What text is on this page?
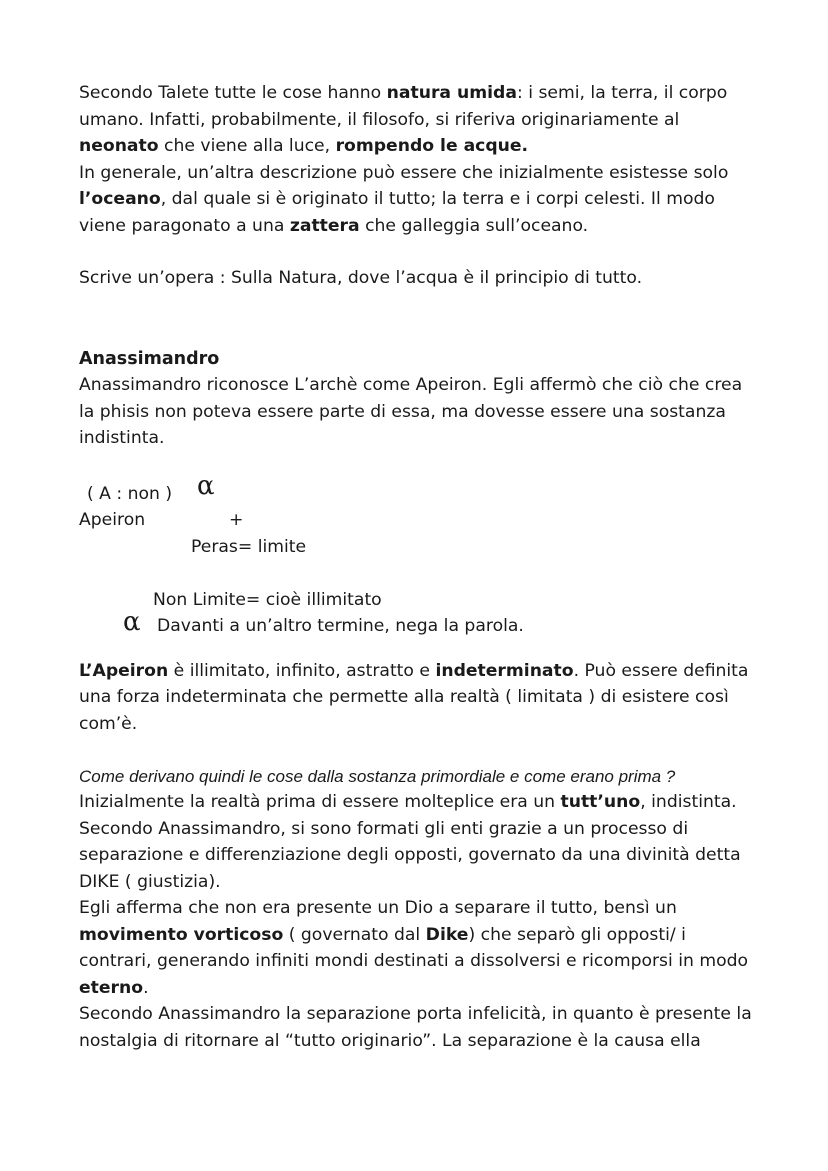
Secondo Talete tutte le cose hanno natura umida: i semi, la terra, il corpo umano. Infatti, probabilmente, il filosofo, si riferiva originariamente al neonato che viene alla luce, rompendo le acque.
In generale, un’altra descrizione può essere che inizialmente esistesse solo l’oceano, dal quale si è originato il tutto; la terra e i corpi celesti. Il modo viene paragonato a una zattera che galleggia sull’oceano.

Scrive un’opera : Sulla Natura, dove l’acqua è il principio di tutto.

Anassimandro

Anassimandro riconosce L’archè come Apeiron. Egli affermò che ciò che crea la phisis non poteva essere parte di essa, ma dovesse essere una sostanza indistinta.

( A : non ) α
Apeiron	+
Peras= limite
Non Limite= cioè illimitato
α Davanti a un’altro termine, nega la parola.

L’Apeiron è illimitato, infinito, astratto e indeterminato. Può essere definita una forza indeterminata che permette alla realtà ( limitata ) di esistere così com’è.

Come derivano quindi le cose dalla sostanza primordiale e come erano prima ?

Inizialmente la realtà prima di essere molteplice era un tutt’uno, indistinta.
Secondo Anassimandro, si sono formati gli enti grazie a un processo di separazione e differenziazione degli opposti, governato da una divinità detta DIKE ( giustizia).
Egli afferma che non era presente un Dio a separare il tutto, bensì un movimento vorticoso ( governato dal Dike) che separò gli opposti/ i contrari, generando infiniti mondi destinati a dissolversi e ricomporsi in modo eterno.
Secondo Anassimandro la separazione porta infelicità, in quanto è presente la nostalgia di ritornare al “tutto originario”. La separazione è la causa ella
